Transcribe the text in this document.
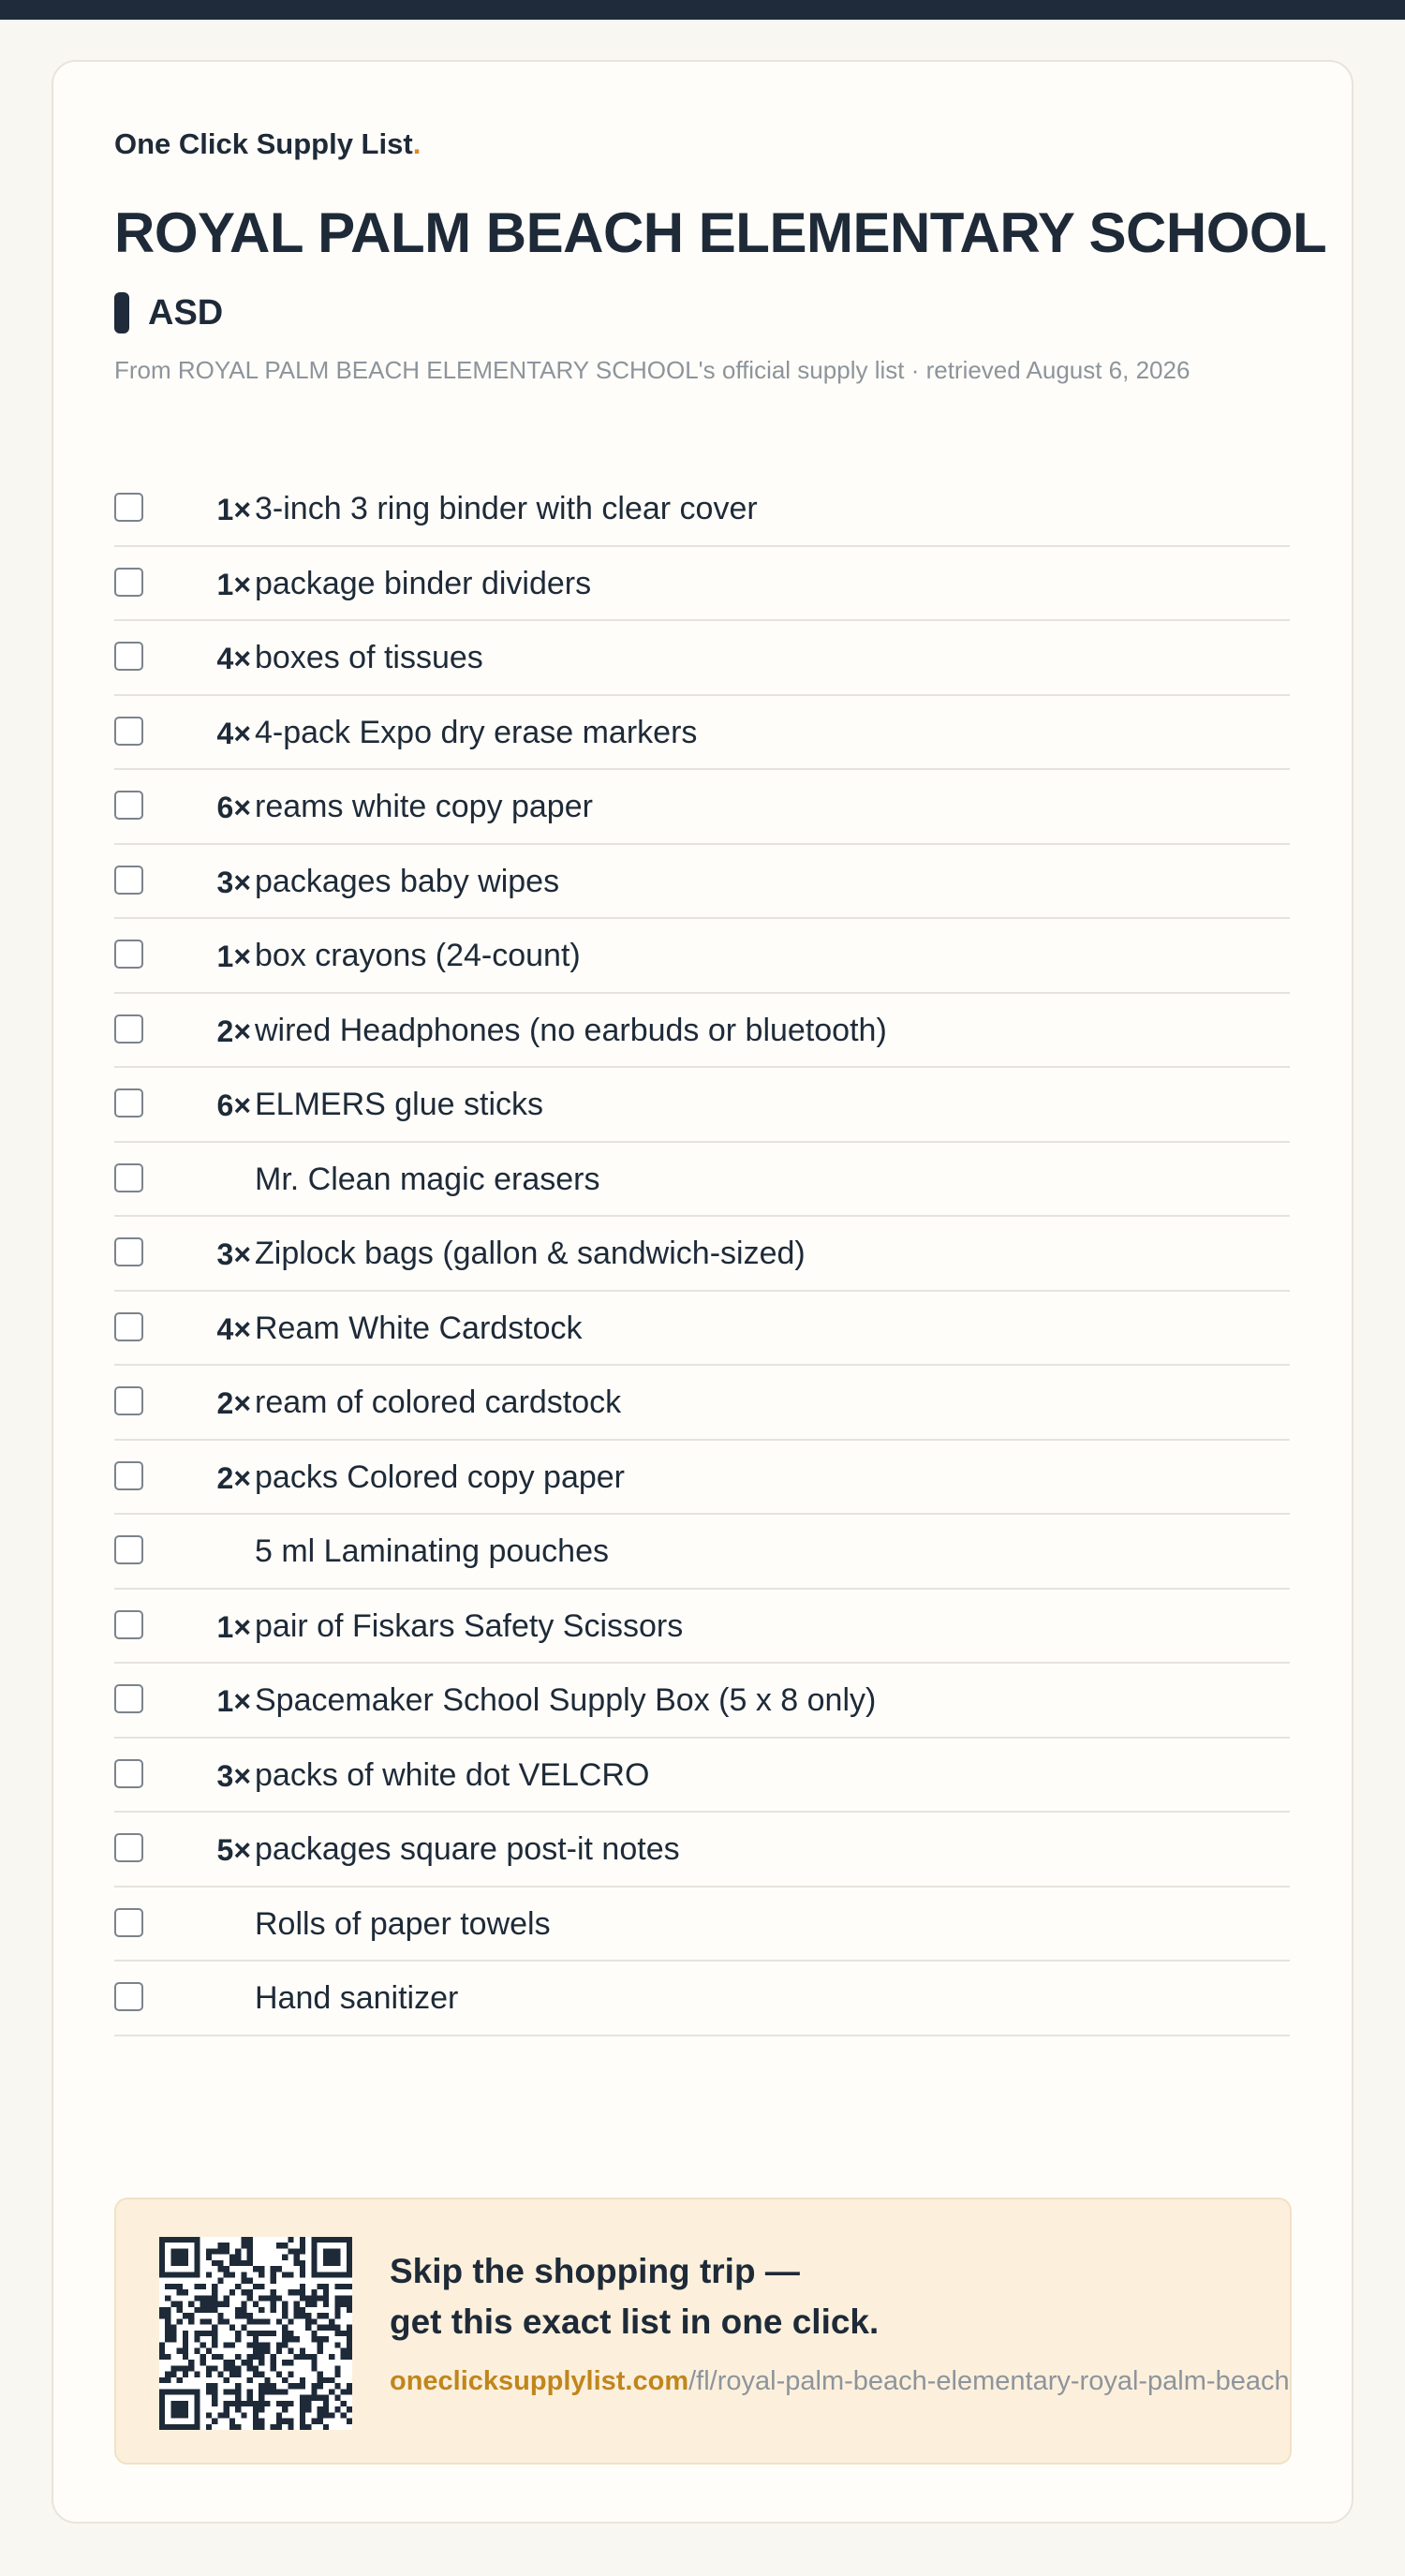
One Click Supply List.
ROYAL PALM BEACH ELEMENTARY SCHOOL
ASD
From ROYAL PALM BEACH ELEMENTARY SCHOOL's official supply list · retrieved August 6, 2026
1× 3-inch 3 ring binder with clear cover
1× package binder dividers
4× boxes of tissues
4× 4-pack Expo dry erase markers
6× reams white copy paper
3× packages baby wipes
1× box crayons (24-count)
2× wired Headphones (no earbuds or bluetooth)
6× ELMERS glue sticks
Mr. Clean magic erasers
3× Ziplock bags (gallon & sandwich-sized)
4× Ream White Cardstock
2× ream of colored cardstock
2× packs Colored copy paper
5 ml Laminating pouches
1× pair of Fiskars Safety Scissors
1× Spacemaker School Supply Box (5 x 8 only)
3× packs of white dot VELCRO
5× packages square post-it notes
Rolls of paper towels
Hand sanitizer
Skip the shopping trip —
get this exact list in one click.
oneclicksupplylist.com/fl/royal-palm-beach-elementary-royal-palm-beach
